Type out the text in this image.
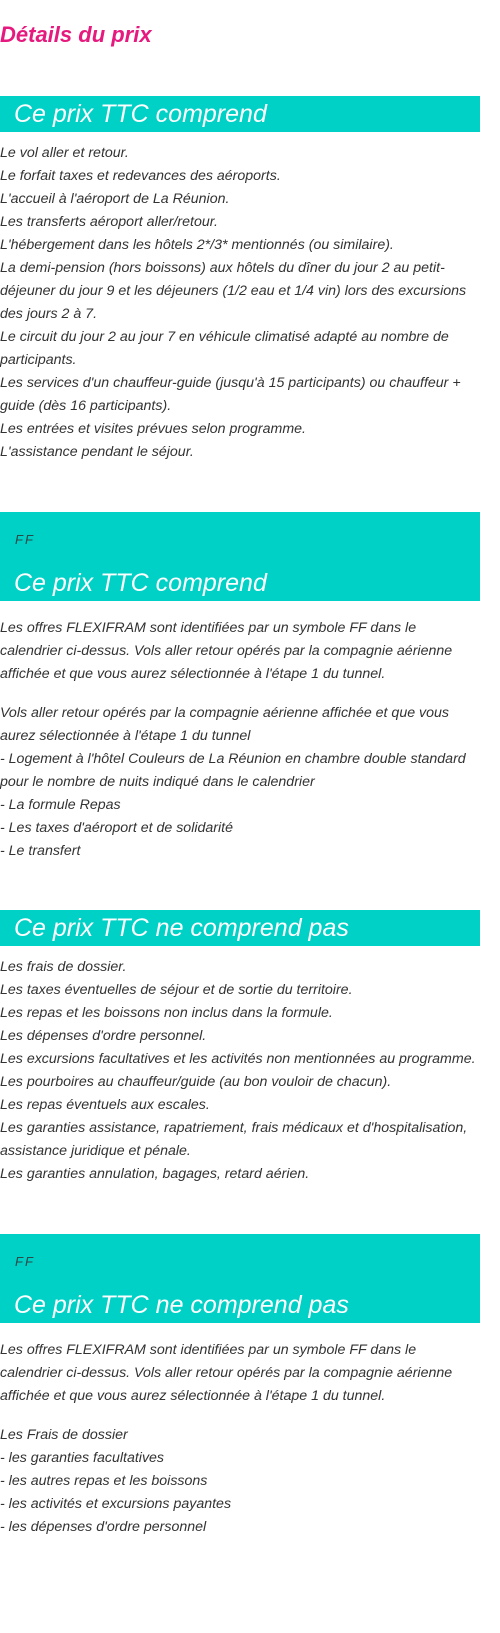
Détails du prix
Ce prix TTC comprend
Le vol aller et retour.
Le forfait taxes et redevances des aéroports.
L'accueil à l'aéroport de La Réunion.
Les transferts aéroport aller/retour.
L'hébergement dans les hôtels 2*/3* mentionnés (ou similaire).
La demi-pension (hors boissons) aux hôtels du dîner du jour 2 au petit-déjeuner du jour 9 et les déjeuners (1/2 eau et 1/4 vin) lors des excursions des jours 2 à 7.
Le circuit du jour 2 au jour 7 en véhicule climatisé adapté au nombre de participants.
Les services d'un chauffeur-guide (jusqu'à 15 participants) ou chauffeur + guide (dès 16 participants).
Les entrées et visites prévues selon programme.
L'assistance pendant le séjour.
FF
Ce prix TTC comprend

Les offres FLEXIFRAM sont identifiées par un symbole FF dans le calendrier ci-dessus. Vols aller retour opérés par la compagnie aérienne affichée et que vous aurez sélectionnée à l'étape 1 du tunnel.

Vols aller retour opérés par la compagnie aérienne affichée et que vous aurez sélectionnée à l'étape 1 du tunnel
- Logement à l'hôtel Couleurs de La Réunion en chambre double standard pour le nombre de nuits indiqué dans le calendrier
- La formule Repas
- Les taxes d'aéroport et de solidarité
- Le transfert
Ce prix TTC ne comprend pas
Les frais de dossier.
Les taxes éventuelles de séjour et de sortie du territoire.
Les repas et les boissons non inclus dans la formule.
Les dépenses d'ordre personnel.
Les excursions facultatives et les activités non mentionnées au programme.
Les pourboires au chauffeur/guide (au bon vouloir de chacun).
Les repas éventuels aux escales.
Les garanties assistance, rapatriement, frais médicaux et d'hospitalisation, assistance juridique et pénale.
Les garanties annulation, bagages, retard aérien.
FF
Ce prix TTC ne comprend pas

Les offres FLEXIFRAM sont identifiées par un symbole FF dans le calendrier ci-dessus. Vols aller retour opérés par la compagnie aérienne affichée et que vous aurez sélectionnée à l'étape 1 du tunnel.

Les Frais de dossier
- les garanties facultatives
- les autres repas et les boissons
- les activités et excursions payantes
- les dépenses d'ordre personnel
